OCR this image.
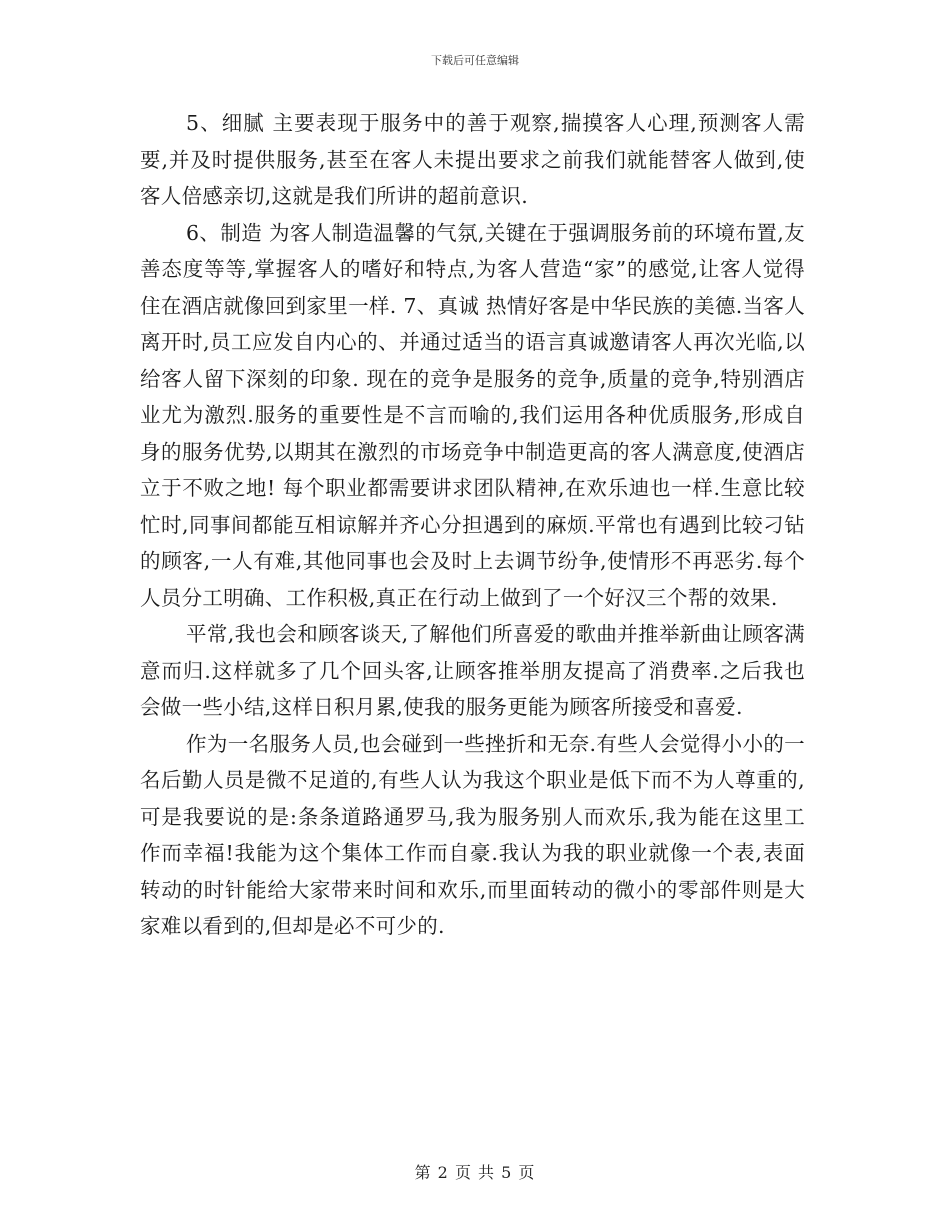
下载后可任意编辑

5、细腻 主要表现于服务中的善于观察,揣摸客人心理,预测客人需要,并及时提供服务,甚至在客人未提出要求之前我们就能替客人做到,使客人倍感亲切,这就是我们所讲的超前意识.

6、制造 为客人制造温馨的气氛,关键在于强调服务前的环境布置,友善态度等等,掌握客人的嗜好和特点,为客人营造“家”的感觉,让客人觉得住在酒店就像回到家里一样. 7、真诚 热情好客是中华民族的美德.当客人离开时,员工应发自内心的、并通过适当的语言真诚邀请客人再次光临,以给客人留下深刻的印象. 现在的竞争是服务的竞争,质量的竞争,特别酒店业尤为激烈.服务的重要性是不言而喻的,我们运用各种优质服务,形成自身的服务优势,以期其在激烈的市场竞争中制造更高的客人满意度,使酒店立于不败之地! 每个职业都需要讲求团队精神,在欢乐迪也一样.生意比较忙时,同事间都能互相谅解并齐心分担遇到的麻烦.平常也有遇到比较刁钻的顾客,一人有难,其他同事也会及时上去调节纷争,使情形不再恶劣.每个人员分工明确、工作积极,真正在行动上做到了一个好汉三个帮的效果.

平常,我也会和顾客谈天,了解他们所喜爱的歌曲并推举新曲让顾客满意而归.这样就多了几个回头客,让顾客推举朋友提高了消费率.之后我也会做一些小结,这样日积月累,使我的服务更能为顾客所接受和喜爱.

作为一名服务人员,也会碰到一些挫折和无奈.有些人会觉得小小的一名后勤人员是微不足道的,有些人认为我这个职业是低下而不为人尊重的,可是我要说的是:条条道路通罗马,我为服务别人而欢乐,我为能在这里工作而幸福!我能为这个集体工作而自豪.我认为我的职业就像一个表,表面转动的时针能给大家带来时间和欢乐,而里面转动的微小的零部件则是大家难以看到的,但却是必不可少的.

第 2 页 共 5 页
